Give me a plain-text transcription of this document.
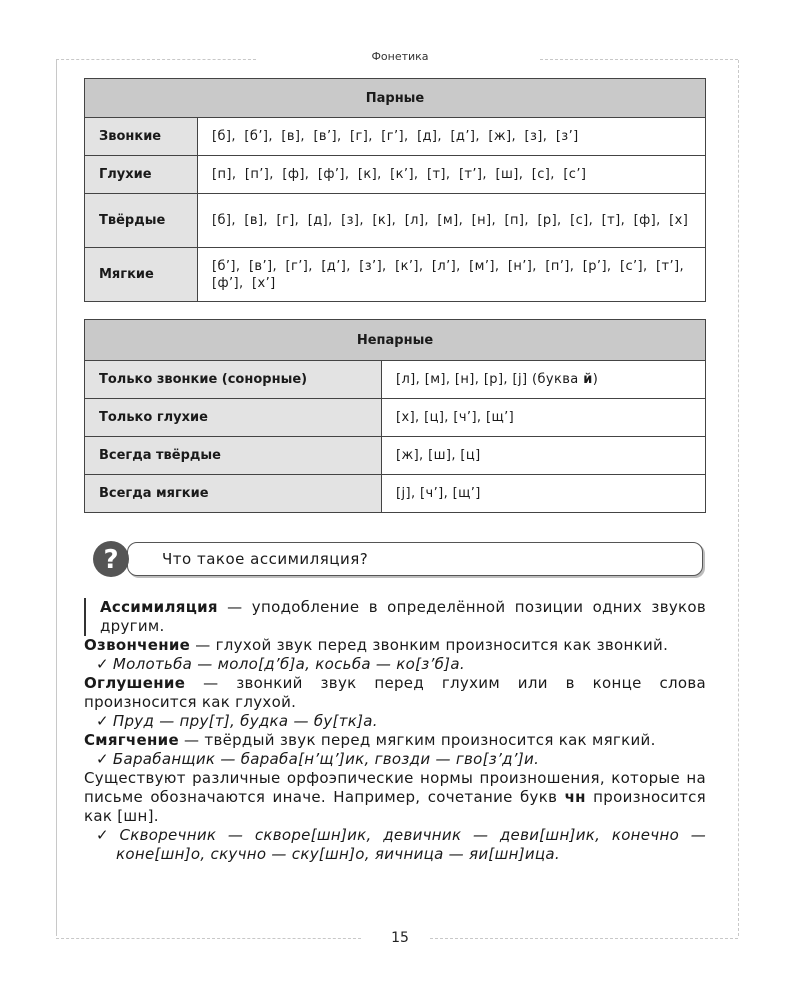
Фонетика
Парные	
Звонкие	[б], [б’], [в], [в’], [г], [г’], [д], [д’], [ж], [з], [з’]
Глухие	[п], [п’], [ф], [ф’], [к], [к’], [т], [т’], [ш], [с], [с’]
Твёрдые	[б], [в], [г], [д], [з], [к], [л], [м], [н], [п], [р], [с], [т], [ф], [х]
Мягкие	[б’], [в’], [г’], [д’], [з’], [к’], [л’], [м’], [н’], [п’], [р’], [с’], [т’], [ф’], [х’]
Непарные	
Только звонкие (сонорные)	[л], [м], [н], [р], [j] (буква й)
Только глухие	[х], [ц], [ч’], [щ’]
Всегда твёрдые	[ж], [ш], [ц]
Всегда мягкие	[j], [ч’], [щ’]
?	Что такое ассимиляция?

Ассимиляция — уподобление в определённой позиции одних звуков другим.

Озвончение — глухой звук перед звонким произносится как звонкий.

✓ Молотьба — моло[д’б]а, косьба — ко[з’б]а.

Оглушение — звонкий звук перед глухим или в конце слова произносится как глухой.

✓ Пруд — пру[т], будка — бу[тк]а.

Смягчение — твёрдый звук перед мягким произносится как мягкий.

✓ Барабанщик — бараба[н’щ’]ик, гвозди — гво[з’д’]и.

Существуют различные орфоэпические нормы произношения, которые на письме обозначаются иначе. Например, сочетание букв чн произносится как [шн].

✓ Скворечник — скворе[шн]ик, девичник — деви[шн]ик, конечно — коне[шн]о, скучно — ску[шн]о, яичница — яи[шн]ица.

15
